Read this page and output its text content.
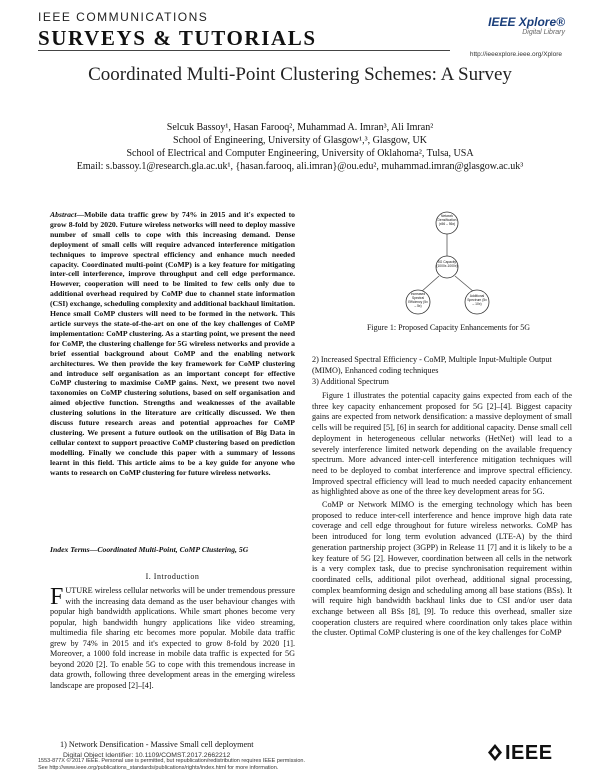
IEEE COMMUNICATIONS
SURVEYS & TUTORIALS
IEEE Xplore®
Digital Library
http://ieeexplore.ieee.org/Xplore
Coordinated Multi-Point Clustering Schemes: A Survey
Selcuk Bassoy¹, Hasan Farooq², Muhammad A. Imran³, Ali Imran²
School of Engineering, University of Glasgow¹,³, Glasgow, UK
School of Electrical and Computer Engineering, University of Oklahoma², Tulsa, USA
Email: s.bassoy.1@research.gla.ac.uk¹, {hasan.farooq, ali.imran}@ou.edu², muhammad.imran@glasgow.ac.uk³
Abstract—Mobile data traffic grew by 74% in 2015 and it's expected to grow 8-fold by 2020. Future wireless networks will need to deploy massive number of small cells to cope with this increasing demand. Dense deployment of small cells will require advanced interference mitigation techniques to improve spectral efficiency and enhance much needed capacity. Coordinated multi-point (CoMP) is a key feature for mitigating inter-cell interference, improve throughput and cell edge performance. However, cooperation will need to be limited to few cells only due to additional overhead required by CoMP due to channel state information (CSI) exchange, scheduling complexity and additional backhaul limitation. Hence small CoMP clusters will need to be formed in the network. This article surveys the state-of-the-art on one of the key challenges of CoMP implementation: CoMP clustering. As a starting point, we present the need for CoMP, the clustering challenge for 5G wireless networks and provide a brief essential background about CoMP and the enabling network architectures. We then provide the key framework for CoMP clustering and introduce self organisation as an important concept for effective CoMP clustering to maximise CoMP gains. Next, we present two novel taxonomies on CoMP clustering solutions, based on self organisation and aimed objective function. Strengths and weaknesses of the available clustering solutions in the literature are critically discussed. We then discuss future research areas and potential approaches for CoMP clustering. We present a future outlook on the utilisation of Big Data in cellular context to support proactive CoMP clustering based on prediction modelling. Finally we conclude this paper with a summary of lessons learnt in this field. This article aims to be a key guide for anyone who wants to research on CoMP clustering for future wireless networks.
Index Terms—Coordinated Multi-Point, CoMP Clustering, 5G
I. Introduction
FUTURE wireless cellular networks will be under tremendous pressure with the increasing data demand as the user behaviour changes with popular high bandwidth applications. While smart phones become very popular, high bandwidth hungry applications like video streaming, multimedia file sharing etc becomes more popular. Mobile data traffic grew by 74% in 2015 and it's expected to grow 8-fold by 2020 [1]. Moreover, a 1000 fold increase in mobile data traffic is expected for 5G beyond 2020 [2]. To enable 5G to cope with this tremendous increase in data growth, following three development areas in the emerging wireless landscape are proposed [2]–[4].
1) Network Densification - Massive Small cell deployment
Digital Object Identifier: 10.1109/COMST.2017.2662212
Network Densification (x56 – 56x)
5G Capacity (1000x-1000x)
Increased Spectral Efficiency (5x – 5x)
Additional Spectrum (5x – 10x)
Figure 1: Proposed Capacity Enhancements for 5G
2) Increased Spectral Efficiency - CoMP, Multiple Input-Multiple Output (MIMO), Enhanced coding techniques
3) Additional Spectrum

Figure 1 illustrates the potential capacity gains expected from each of the three key capacity enhancement proposed for 5G [2]–[4]. Biggest capacity gains are expected from network densification: a massive deployment of small cells will be required [5], [6] in search for additional capacity. Dense small cell deployment in heterogeneous cellular networks (HetNet) will lead to a severely interference limited network depending on the available frequency spectrum. More advanced inter-cell interference mitigation techniques will need to be deployed to combat interference and improve spectral efficiency. Improved spectral efficiency will lead to much needed capacity enhancement as highlighted above as one of the three key development areas for 5G.

CoMP or Network MIMO is the emerging technology which has been proposed to reduce inter-cell interference and hence improve high data rate coverage and cell edge throughout for future wireless networks. CoMP has been introduced for long term evolution advanced (LTE-A) by the third generation partnership project (3GPP) in Release 11 [7] and it is likely to be a key feature of 5G [2]. However, coordination between all cells in the network is a very complex task, due to precise synchronisation requirement within coordinated cells, additional pilot overhead, additional signal processing, complex beamforming design and scheduling among all base stations (BSs). It will require high bandwidth backhaul links due to CSI and/or user data exchange between all BSs [8], [9]. To reduce this overhead, smaller size cooperation clusters are required where coordination only takes place within the cluster. Optimal CoMP clustering is one of the key challenges for CoMP

1553-877X © 2017 IEEE. Personal use is permitted, but republication/redistribution requires IEEE permission.
See http://www.ieee.org/publications_standards/publications/rights/index.html for more information.
IEEE
